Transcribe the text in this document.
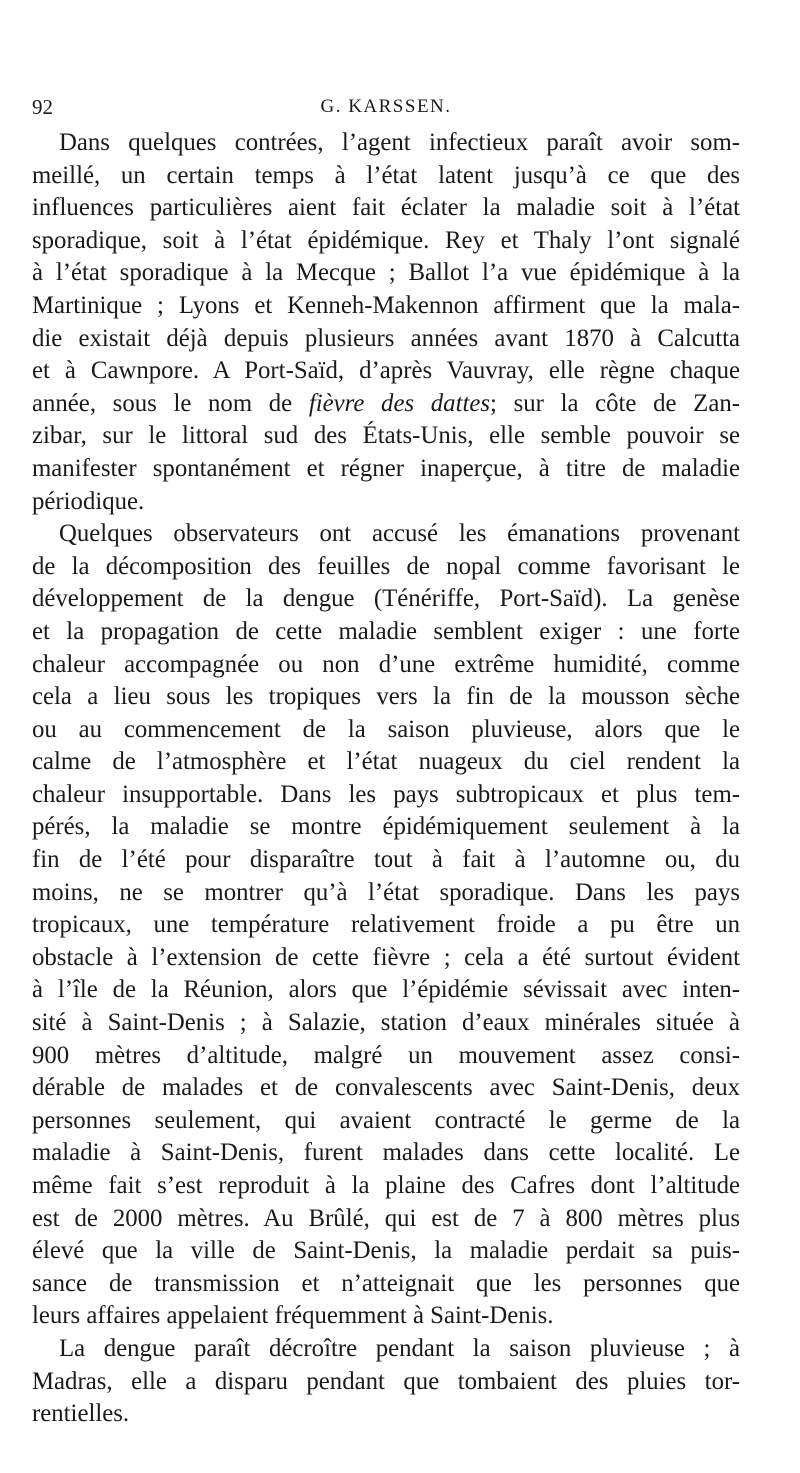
92	G. KARSSEN.
Dans quelques contrées, l’agent infectieux paraît avoir som-
meillé, un certain temps à l’état latent jusqu’à ce que des
influences particulières aient fait éclater la maladie soit à l’état
sporadique, soit à l’état épidémique. Rey et Thaly l’ont signalé
à l’état sporadique à la Mecque ; Ballot l’a vue épidémique à la
Martinique ; Lyons et Kenneh-Makennon affirment que la mala-
die existait déjà depuis plusieurs années avant 1870 à Calcutta
et à Cawnpore. A Port-Saïd, d’après Vauvray, elle règne chaque
année, sous le nom de fièvre des dattes; sur la côte de Zan-
zibar, sur le littoral sud des États-Unis, elle semble pouvoir se
manifester spontanément et régner inaperçue, à titre de maladie
périodique.
Quelques observateurs ont accusé les émanations provenant
de la décomposition des feuilles de nopal comme favorisant le
développement de la dengue (Ténériffe, Port-Saïd). La genèse
et la propagation de cette maladie semblent exiger : une forte
chaleur accompagnée ou non d’une extrême humidité, comme
cela a lieu sous les tropiques vers la fin de la mousson sèche
ou au commencement de la saison pluvieuse, alors que le
calme de l’atmosphère et l’état nuageux du ciel rendent la
chaleur insupportable. Dans les pays subtropicaux et plus tem-
pérés, la maladie se montre épidémiquement seulement à la
fin de l’été pour disparaître tout à fait à l’automne ou, du
moins, ne se montrer qu’à l’état sporadique. Dans les pays
tropicaux, une température relativement froide a pu être un
obstacle à l’extension de cette fièvre ; cela a été surtout évident
à l’île de la Réunion, alors que l’épidémie sévissait avec inten-
sité à Saint-Denis ; à Salazie, station d’eaux minérales située à
900 mètres d’altitude, malgré un mouvement assez consi-
dérable de malades et de convalescents avec Saint-Denis, deux
personnes seulement, qui avaient contracté le germe de la
maladie à Saint-Denis, furent malades dans cette localité. Le
même fait s’est reproduit à la plaine des Cafres dont l’altitude
est de 2000 mètres. Au Brûlé, qui est de 7 à 800 mètres plus
élevé que la ville de Saint-Denis, la maladie perdait sa puis-
sance de transmission et n’atteignait que les personnes que
leurs affaires appelaient fréquemment à Saint-Denis.
La dengue paraît décroître pendant la saison pluvieuse ; à
Madras, elle a disparu pendant que tombaient des pluies tor-
rentielles.
